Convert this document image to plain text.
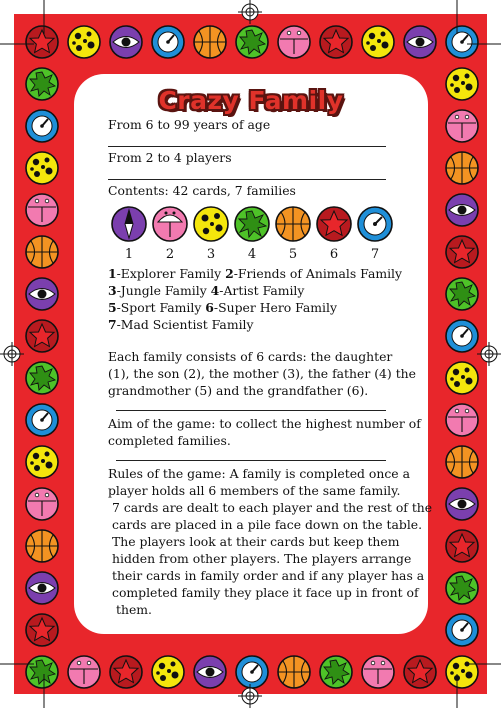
Crazy Family

From 6 to 99 years of age

From 2 to 4 players

Contents: 42 cards, 7 families

1	2	3	4	5	6	7

1-Explorer Family 2-Friends of Animals Family

3-Jungle Family 4-Artist Family

5-Sport Family 6-Super Hero Family

7-Mad Scientist Family

Each family consists of 6 cards: the daughter

(1), the son (2), the mother (3), the father (4) the

grandmother (5) and the grandfather (6).

Aim of the game: to collect the highest number of

completed families.

Rules of the game: A family is completed once a

player holds all 6 members of the same family.

7 cards are dealt to each player and the rest of the

cards are placed in a pile face down on the table.

The players look at their cards but keep them

hidden from other players. The players arrange

their cards in family order and if any player has a

completed family they place it face up in front of

them.
